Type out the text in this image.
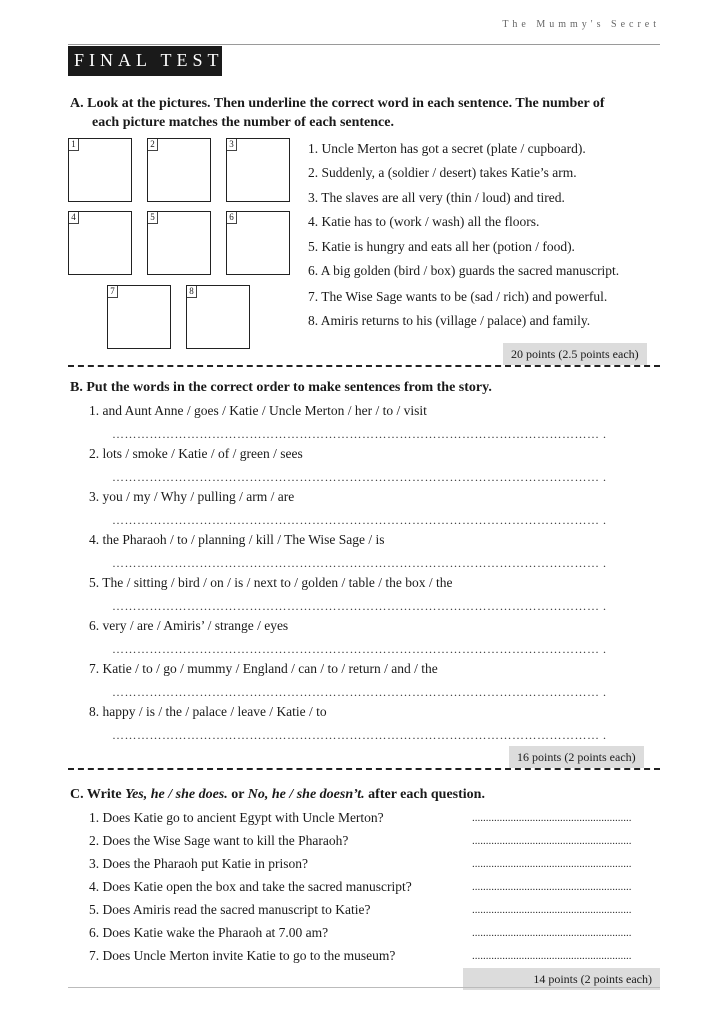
The Mummy's Secret
FINAL TEST
A. Look at the pictures. Then underline the correct word in each sentence. The number of
each picture matches the number of each sentence.
1	2	3
4	5	6
7	8
1. Uncle Merton has got a secret (plate / cupboard).
2. Suddenly, a (soldier / desert) takes Katie’s arm.
3. The slaves are all very (thin / loud) and tired.
4. Katie has to (work / wash) all the floors.
5. Katie is hungry and eats all her (potion / food).
6. A big golden (bird / box) guards the sacred manuscript.
7. The Wise Sage wants to be (sad / rich) and powerful.
8. Amiris returns to his (village / palace) and family.
20 points (2.5 points each)
B. Put the words in the correct order to make sentences from the story.
1. and Aunt Anne / goes / Katie / Uncle Merton / her / to / visit
……………………………………………………………………………………………………… .
2. lots / smoke / Katie / of / green / sees
……………………………………………………………………………………………………… .
3. you / my / Why / pulling / arm / are
……………………………………………………………………………………………………… .
4. the Pharaoh / to / planning / kill / The Wise Sage / is
……………………………………………………………………………………………………… .
5. The / sitting / bird / on / is / next to / golden / table / the box / the
……………………………………………………………………………………………………… .
6. very / are / Amiris’ / strange / eyes
……………………………………………………………………………………………………… .
7. Katie / to / go / mummy / England / can / to / return / and / the
……………………………………………………………………………………………………… .
8. happy / is / the / palace / leave / Katie / to
……………………………………………………………………………………………………… .
16 points (2 points each)
C. Write Yes, he / she does. or No, he / she doesn’t. after each question.
1. Does Katie go to ancient Egypt with Uncle Merton?	..........................................................
2. Does the Wise Sage want to kill the Pharaoh?	..........................................................
3. Does the Pharaoh put Katie in prison?	..........................................................
4. Does Katie open the box and take the sacred manuscript?	..........................................................
5. Does Amiris read the sacred manuscript to Katie?	..........................................................
6. Does Katie wake the Pharaoh at 7.00 am?	..........................................................
7. Does Uncle Merton invite Katie to go to the museum?	..........................................................
14 points (2 points each)
